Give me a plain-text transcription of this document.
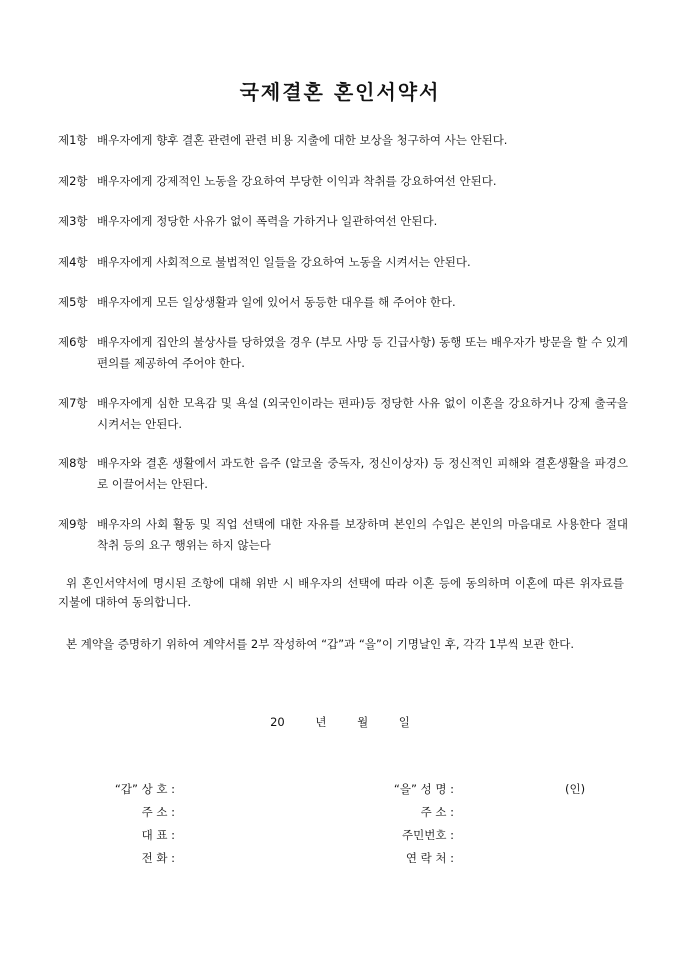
국제결혼 혼인서약서
제1항 배우자에게 향후 결혼 관련에 관련 비용 지출에 대한 보상을 청구하여 사는 안된다.
제2항 배우자에게 강제적인 노동을 강요하여 부당한 이익과 착취를 강요하여선 안된다.
제3항 배우자에게 정당한 사유가 없이 폭력을 가하거나 일관하여선 안된다.
제4항 배우자에게 사회적으로 불법적인 일들을 강요하여 노동을 시켜서는 안된다.
제5항 배우자에게 모든 일상생활과 일에 있어서 동등한 대우를 해 주어야 한다.
제6항 배우자에게 집안의 불상사를 당하였을 경우 (부모 사망 등 긴급사항) 동행 또는 배우자가 방문을 할 수 있게 편의를 제공하여 주어야 한다.
제7항 배우자에게 심한 모욕감 및 욕설 (외국인이라는 편파)등 정당한 사유 없이 이혼을 강요하거나 강제 출국을 시켜서는 안된다.
제8항 배우자와 결혼 생활에서 과도한 음주 (알코올 중독자, 정신이상자) 등 정신적인 피해와 결혼생활을 파경으로 이끌어서는 안된다.
제9항 배우자의 사회 활동 및 직업 선택에 대한 자유를 보장하며 본인의 수입은 본인의 마음대로 사용한다 절대 착취 등의 요구 행위는 하지 않는다
위 혼인서약서에 명시된 조항에 대해 위반 시 배우자의 선택에 따라 이혼 등에 동의하며 이혼에 따른 위자료를 지불에 대하여 동의합니다.
본 계약을 증명하기 위하여 계약서를 2부 작성하여 “갑”과 “을”이 기명날인 후, 각각 1부씩 보관 한다.
20    년    월    일
“갑” 상 호 :
주 소 :
대 표 :
전 화 :
“을” 성 명 :
주 소 :
주민번호 :
연 락 처 :
(인)
